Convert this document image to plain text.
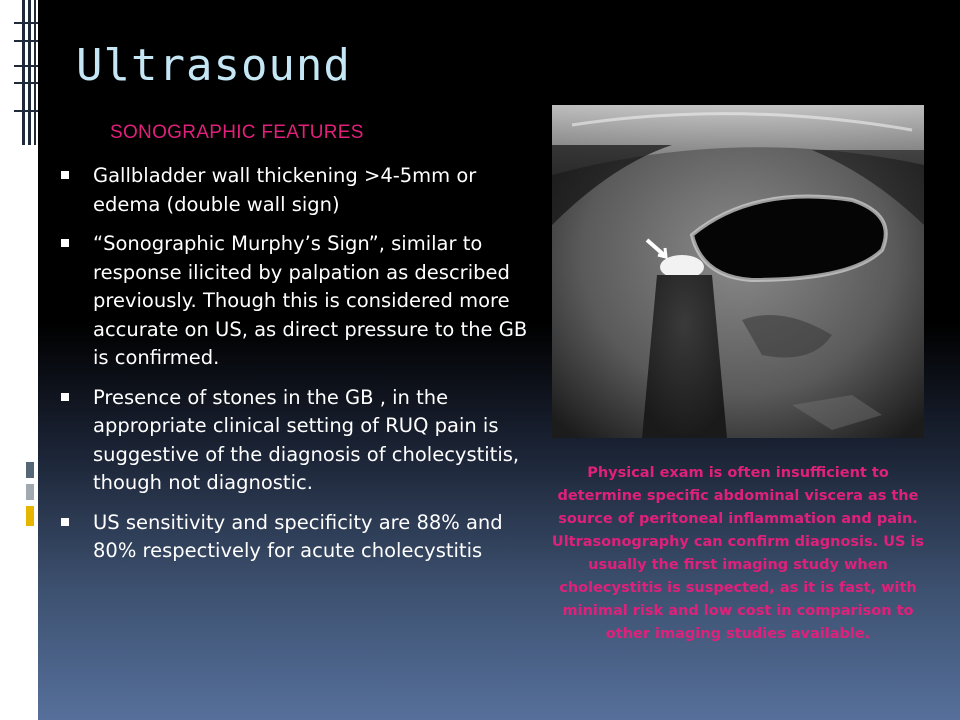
Ultrasound
SONOGRAPHIC FEATURES
Gallbladder wall thickening >4-5mm or edema (double wall sign)
“Sonographic Murphy’s Sign”, similar to response ilicited by palpation as described previously. Though this is considered more accurate on US, as direct pressure to the GB is confirmed.
Presence of stones in the GB , in the appropriate clinical setting of RUQ pain is suggestive of the diagnosis of cholecystitis, though not diagnostic.
US sensitivity and specificity are 88% and 80% respectively for acute cholecystitis
Physical exam is often insufficient to determine specific abdominal viscera as the source of peritoneal inflammation and pain. Ultrasonography can confirm diagnosis. US is usually the first imaging study when cholecystitis is suspected, as it is fast, with minimal risk and low cost in comparison to other imaging studies available.
